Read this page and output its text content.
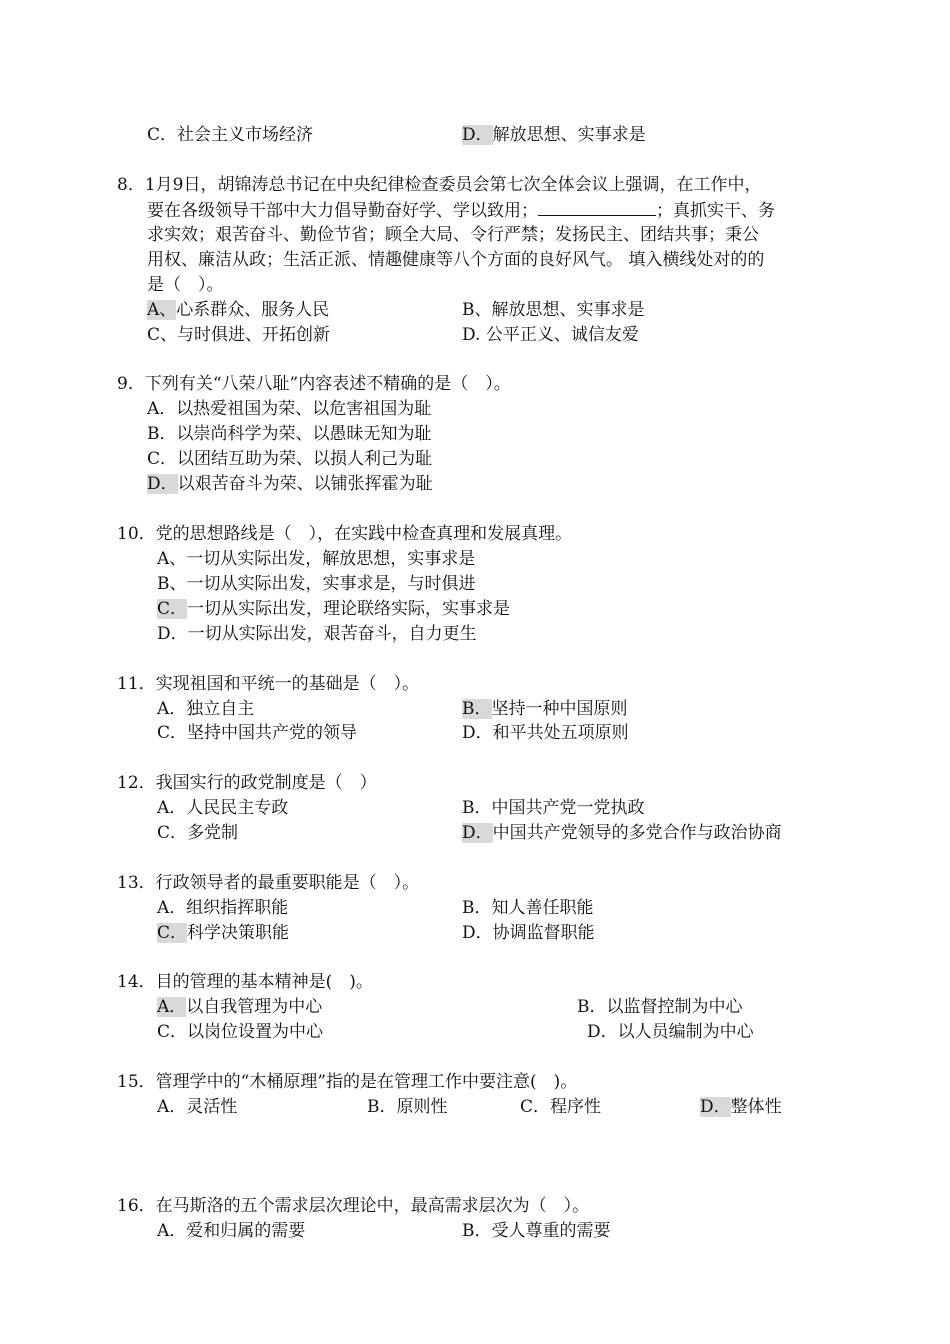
C．社会主义市场经济	D．解放思想、实事求是
8．1月9日，胡锦涛总书记在中央纪律检查委员会第七次全体会议上强调，在工作中，
要在各级领导干部中大力倡导勤奋好学、学以致用；	；真抓实干、务
求实效；艰苦奋斗、勤俭节省；顾全大局、令行严禁；发扬民主、团结共事；秉公
用权、廉洁从政；生活正派、情趣健康等八个方面的良好风气。 填入横线处对的的
是（　）。
A、心系群众、服务人民	B、解放思想、实事求是
C、与时俱进、开拓创新	D. 公平正义、诚信友爱
9．下列有关“八荣八耻”内容表述不精确的是（　）。
A．以热爱祖国为荣、以危害祖国为耻
B．以崇尚科学为荣、以愚昧无知为耻
C．以团结互助为荣、以损人利己为耻
D．以艰苦奋斗为荣、以铺张挥霍为耻
10．党的思想路线是（　），在实践中检查真理和发展真理。
A、一切从实际出发，解放思想，实事求是
B、一切从实际出发，实事求是，与时俱进
C．一切从实际出发，理论联络实际，实事求是
D．一切从实际出发，艰苦奋斗，自力更生
11．实现祖国和平统一的基础是（　）。
A．独立自主	B．坚持一种中国原则
C．坚持中国共产党的领导	D．和平共处五项原则
12．我国实行的政党制度是（　）
A．人民民主专政	B．中国共产党一党执政
C．多党制	D．中国共产党领导的多党合作与政治协商
13．行政领导者的最重要职能是（　）。
A．组织指挥职能	B．知人善任职能
C．科学决策职能	D．协调监督职能
14．目的管理的基本精神是(　)。
A．以自我管理为中心	B．以监督控制为中心
C．以岗位设置为中心	D．以人员编制为中心
15．管理学中的“木桶原理”指的是在管理工作中要注意(　)。
A．灵活性	B．原则性	C．程序性	D．整体性
16．在马斯洛的五个需求层次理论中，最高需求层次为（　）。
A．爱和归属的需要	B．受人尊重的需要
